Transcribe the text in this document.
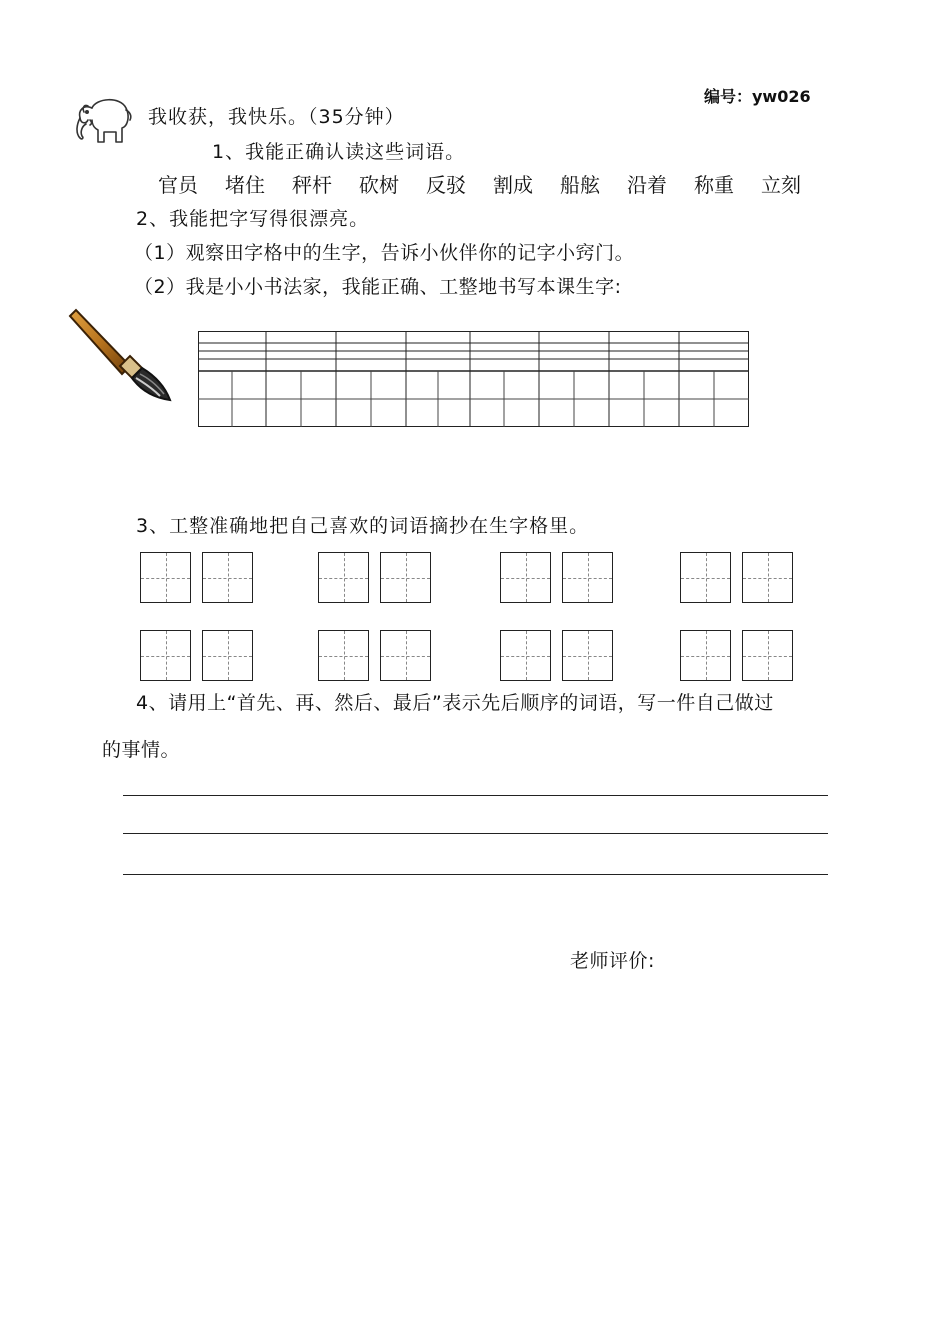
编号：yw026
我收获，我快乐。（35分钟）
1、我能正确认读这些词语。
官员	堵住	秤杆	砍树	反驳	割成	船舷	沿着	称重	立刻
2、我能把字写得很漂亮。
（1）观察田字格中的生字，告诉小伙伴你的记字小窍门。
（2）我是小小书法家，我能正确、工整地书写本课生字:
3、工整准确地把自己喜欢的词语摘抄在生字格里。
4、请用上“首先、再、然后、最后”表示先后顺序的词语，写一件自己做过
的事情。
老师评价:
